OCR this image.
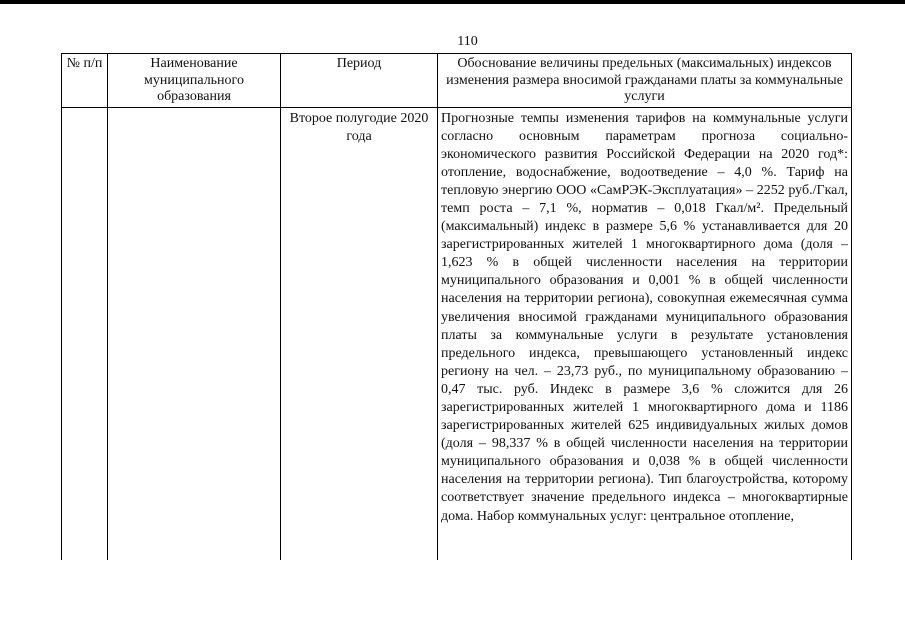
110
№ п/п	Наименование муниципального образования	Период	Обоснование величины предельных (максимальных) индексов изменения размера вносимой гражданами платы за коммунальные услуги
		Второе полугодие 2020 года	Прогнозные темпы изменения тарифов на коммунальные услуги согласно основным параметрам прогноза социально-экономического развития Российской Федерации на 2020 год*: отопление, водоснабжение, водоотведение – 4,0 %. Тариф на тепловую энергию ООО «СамРЭК-Эксплуатация» – 2252 руб./Гкал, темп роста – 7,1 %, норматив – 0,018 Гкал/м². Предельный (максимальный) индекс в размере 5,6 % устанавливается для 20 зарегистрированных жителей 1 многоквартирного дома (доля – 1,623 % в общей численности населения на территории муниципального образования и 0,001 % в общей численности населения на территории региона), совокупная ежемесячная сумма увеличения вносимой гражданами муниципального образования платы за коммунальные услуги в результате установления предельного индекса, превышающего установленный индекс региону на чел. – 23,73 руб., по муниципальному образованию – 0,47 тыс. руб. Индекс в размере 3,6 % сложится для 26 зарегистрированных жителей 1 многоквартирного дома и 1186 зарегистрированных жителей 625 индивидуальных жилых домов (доля – 98,337 % в общей численности населения на территории муниципального образования и 0,038 % в общей численности населения на территории региона). Тип благоустройства, которому соответствует значение предельного индекса – многоквартирные дома. Набор коммунальных услуг: центральное отопление,
